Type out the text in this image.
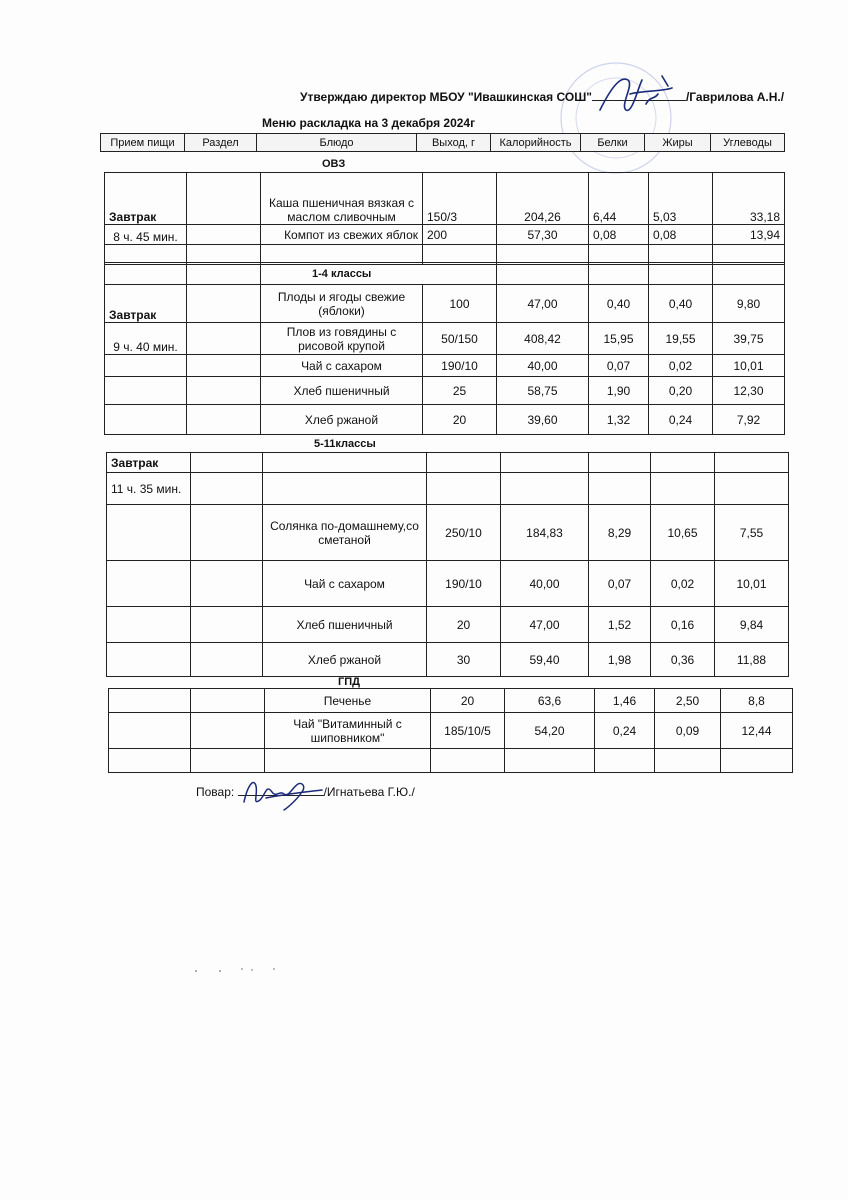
Утверждаю директор МБОУ "Ивашкинская СОШ"	/Гаврилова А.Н./
Меню раскладка на 3 декабря 2024г
Прием пищи	Раздел	Блюдо	Выход, г	Калорийность	Белки	Жиры	Углеводы
ОВЗ
Завтрак		Каша пшеничная вязкая с маслом сливочным	150/3	204,26	6,44	5,03	33,18
8 ч. 45 мин.		Компот из свежих яблок	200	57,30	0,08	0,08	13,94

1-4 классы

Завтрак		Плоды и ягоды свежие (яблоки)	100	47,00	0,40	0,40	9,80
9 ч. 40 мин.		Плов из говядины с рисовой крупой	50/150	408,42	15,95	19,55	39,75
		Чай с сахаром	190/10	40,00	0,07	0,02	10,01
		Хлеб пшеничный	25	58,75	1,90	0,20	12,30
		Хлеб ржаной	20	39,60	1,32	0,24	7,92
5-11классы
Завтрак							
11 ч. 35 мин.							
		Солянка по-домашнему,со сметаной	250/10	184,83	8,29	10,65	7,55
		Чай с сахаром	190/10	40,00	0,07	0,02	10,01
		Хлеб пшеничный	20	47,00	1,52	0,16	9,84
		Хлеб ржаной	30	59,40	1,98	0,36	11,88
ГПД
		Печенье	20	63,6	1,46	2,50	8,8
		Чай "Витаминный с шиповником"	185/10/5	54,20	0,24	0,09	12,44

Повар:	/Игнатьева Г.Ю./
